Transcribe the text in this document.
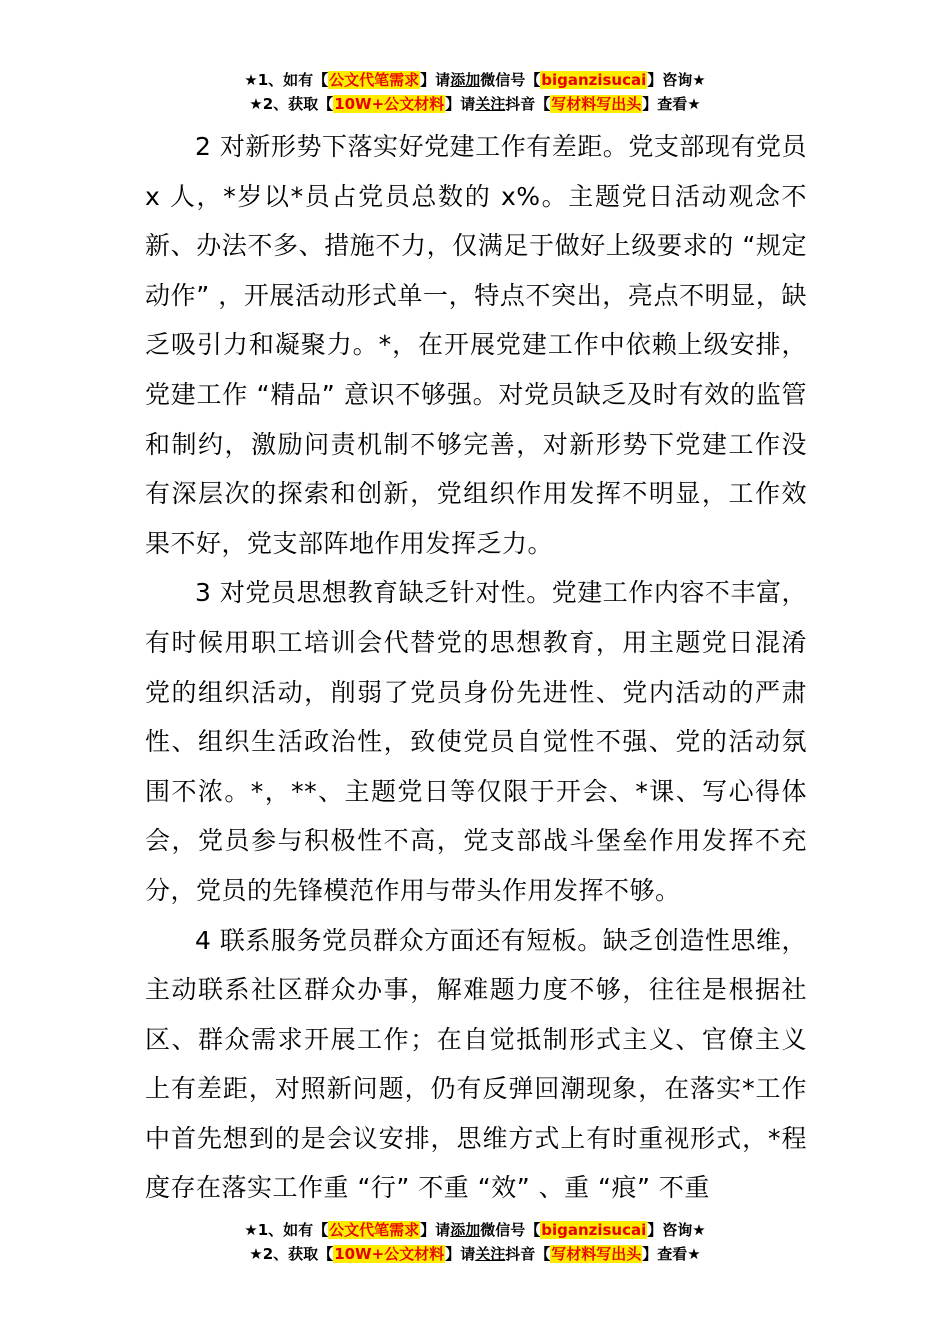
★1、如有【公文代笔需求】请添加微信号【biganzisucai】咨询★
★2、获取【10W+公文材料】请关注抖音【写材料写出头】查看★

2 对新形势下落实好党建工作有差距。党支部现有党员 x 人，*岁以*员占党员总数的 x%。主题党日活动观念不新、办法不多、措施不力，仅满足于做好上级要求的 “规定动作” ，开展活动形式单一，特点不突出，亮点不明显，缺乏吸引力和凝聚力。*，在开展党建工作中依赖上级安排，党建工作 “精品” 意识不够强。对党员缺乏及时有效的监管和制约，激励问责机制不够完善，对新形势下党建工作没有深层次的探索和创新，党组织作用发挥不明显，工作效果不好，党支部阵地作用发挥乏力。

3 对党员思想教育缺乏针对性。党建工作内容不丰富，有时候用职工培训会代替党的思想教育，用主题党日混淆党的组织活动，削弱了党员身份先进性、党内活动的严肃性、组织生活政治性，致使党员自觉性不强、党的活动氛围不浓。*，**、主题党日等仅限于开会、*课、写心得体会，党员参与积极性不高，党支部战斗堡垒作用发挥不充分，党员的先锋模范作用与带头作用发挥不够。

4 联系服务党员群众方面还有短板。缺乏创造性思维，主动联系社区群众办事，解难题力度不够，往往是根据社区、群众需求开展工作；在自觉抵制形式主义、官僚主义上有差距，对照新问题，仍有反弹回潮现象，在落实*工作中首先想到的是会议安排，思维方式上有时重视形式，*程度存在落实工作重 “行” 不重 “效” 、重 “痕” 不重

★1、如有【公文代笔需求】请添加微信号【biganzisucai】咨询★
★2、获取【10W+公文材料】请关注抖音【写材料写出头】查看★
